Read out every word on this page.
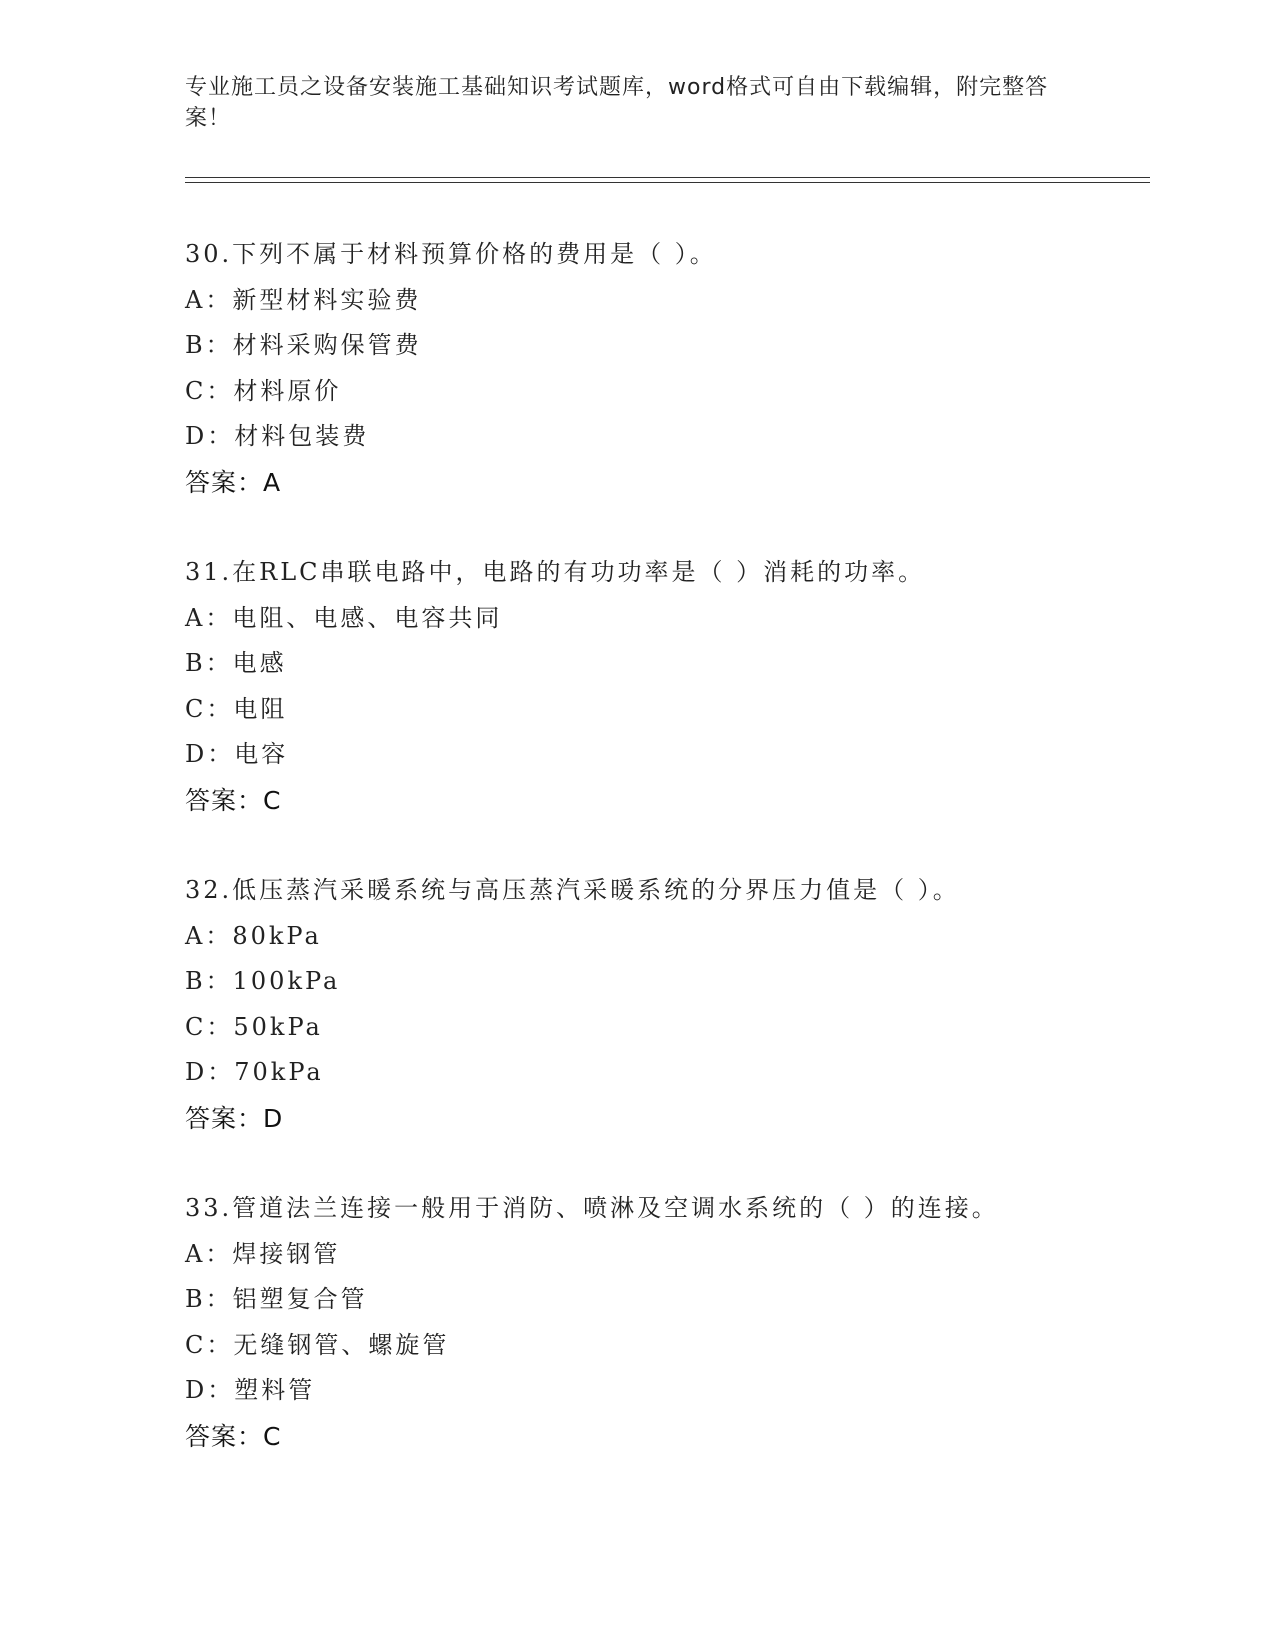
专业施工员之设备安装施工基础知识考试题库，word格式可自由下载编辑，附完整答案！
30.下列不属于材料预算价格的费用是（ ）。
A：新型材料实验费
B：材料采购保管费
C：材料原价
D：材料包装费
答案：A
31.在RLC串联电路中，电路的有功功率是（ ）消耗的功率。
A：电阻、电感、电容共同
B：电感
C：电阻
D：电容
答案：C
32.低压蒸汽采暖系统与高压蒸汽采暖系统的分界压力值是（ ）。
A：80kPa
B：100kPa
C：50kPa
D：70kPa
答案：D
33.管道法兰连接一般用于消防、喷淋及空调水系统的（ ）的连接。
A：焊接钢管
B：铝塑复合管
C：无缝钢管、螺旋管
D：塑料管
答案：C
